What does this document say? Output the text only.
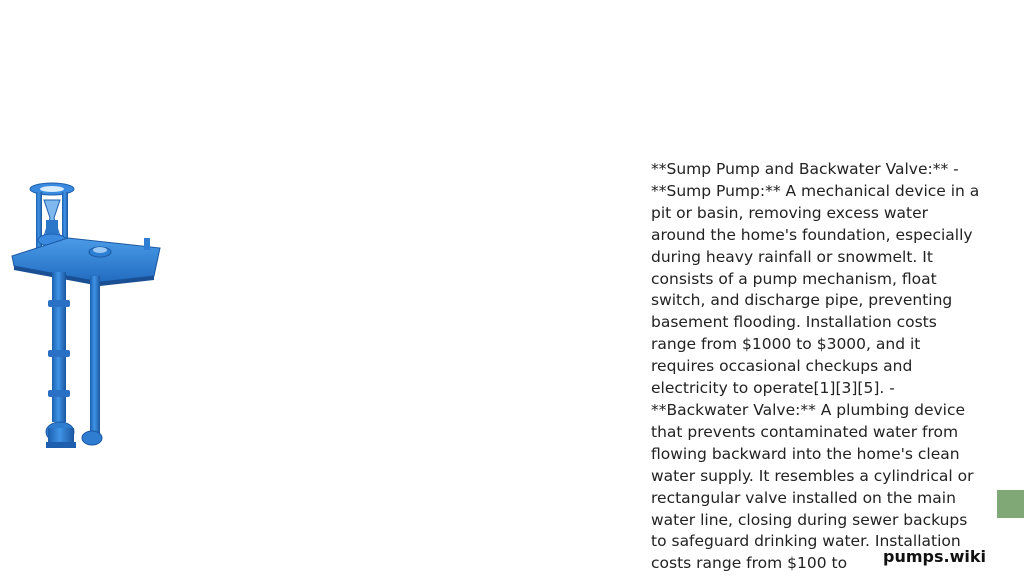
**Sump Pump and Backwater Valve:** - **Sump Pump:** A mechanical device in a pit or basin, removing excess water around the home's foundation, especially during heavy rainfall or snowmelt. It consists of a pump mechanism, float switch, and discharge pipe, preventing basement flooding. Installation costs range from $1000 to $3000, and it requires occasional checkups and electricity to operate[1][3][5]. - **Backwater Valve:** A plumbing device that prevents contaminated water from flowing backward into the home's clean water supply. It resembles a cylindrical or rectangular valve installed on the main water line, closing during sewer backups to safeguard drinking water. Installation costs range from $100 to	pumps.wiki
